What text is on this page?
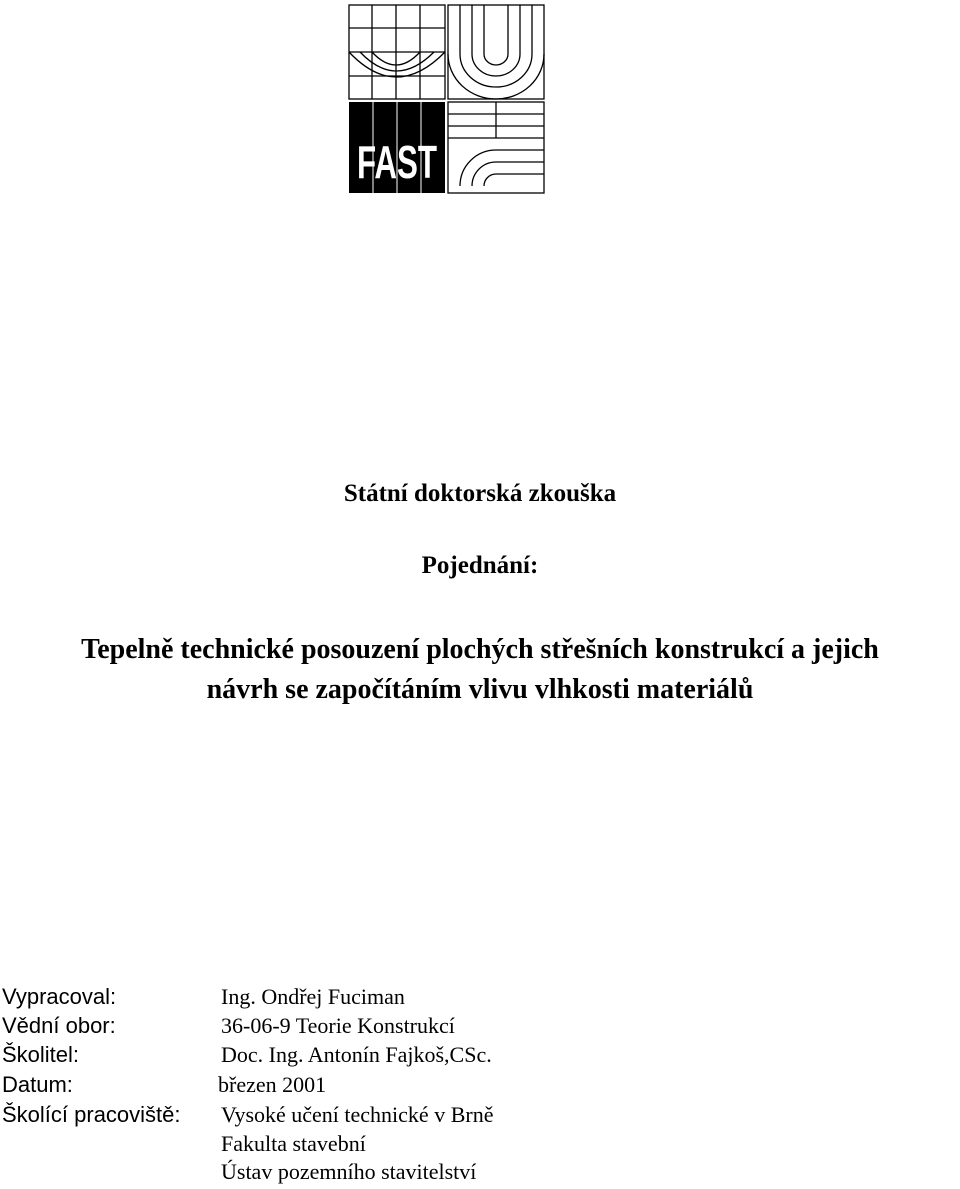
FAST
Státní doktorská zkouška
Pojednání:
Tepelně technické posouzení plochých střešních konstrukcí a jejich
návrh se započítáním vlivu vlhkosti materiálů
Vypracoval:	Ing. Ondřej Fuciman
Vědní obor:	36-06-9 Teorie Konstrukcí
Školitel:	Doc. Ing. Antonín Fajkoš,CSc.
Datum:	březen 2001
Školící pracoviště: Vysoké učení technické v Brně
Fakulta stavební
Ústav pozemního stavitelství
